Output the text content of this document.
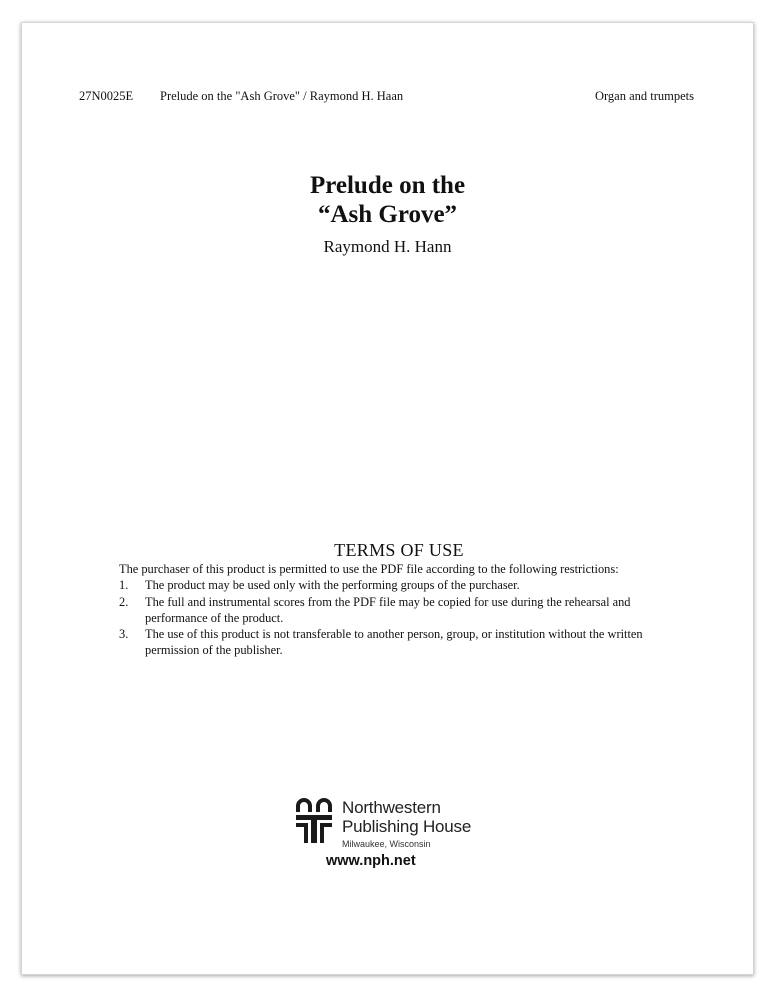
27N0025E Prelude on the "Ash Grove" / Raymond H. Haan	Organ and trumpets
Prelude on the
“Ash Grove”
Raymond H. Hann
TERMS OF USE

The purchaser of this product is permitted to use the PDF file according to the following restrictions:

1. The product may be used only with the performing groups of the purchaser.
2. The full and instrumental scores from the PDF file may be copied for use during the rehearsal and performance of the product.
3. The use of this product is not transferable to another person, group, or institution without the written permission of the publisher.
Northwestern
Publishing House
Milwaukee, Wisconsin
www.nph.net
